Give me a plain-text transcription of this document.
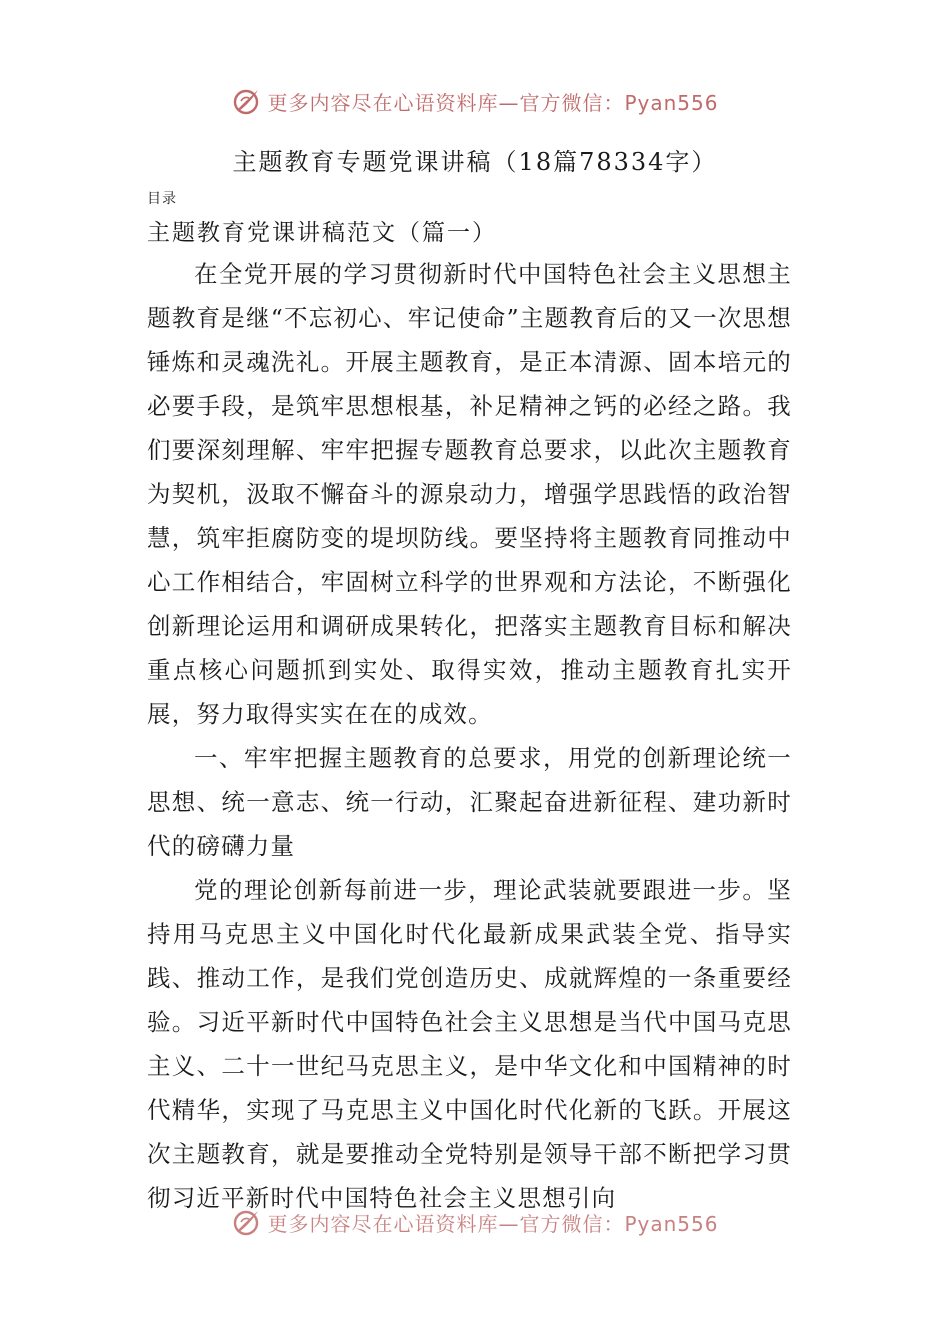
更多内容尽在心语资料库—官方微信：Pyan556
主题教育专题党课讲稿（18篇78334字）
目录
主题教育党课讲稿范文（篇一）

在全党开展的学习贯彻新时代中国特色社会主义思想主题教育是继“不忘初心、牢记使命”主题教育后的又一次思想锤炼和灵魂洗礼。开展主题教育，是正本清源、固本培元的必要手段，是筑牢思想根基，补足精神之钙的必经之路。我们要深刻理解、牢牢把握专题教育总要求，以此次主题教育为契机，汲取不懈奋斗的源泉动力，增强学思践悟的政治智慧，筑牢拒腐防变的堤坝防线。要坚持将主题教育同推动中心工作相结合，牢固树立科学的世界观和方法论，不断强化创新理论运用和调研成果转化，把落实主题教育目标和解决重点核心问题抓到实处、取得实效，推动主题教育扎实开展，努力取得实实在在的成效。

一、牢牢把握主题教育的总要求，用党的创新理论统一思想、统一意志、统一行动，汇聚起奋进新征程、建功新时代的磅礴力量

党的理论创新每前进一步，理论武装就要跟进一步。坚持用马克思主义中国化时代化最新成果武装全党、指导实践、推动工作，是我们党创造历史、成就辉煌的一条重要经验。习近平新时代中国特色社会主义思想是当代中国马克思主义、二十一世纪马克思主义，是中华文化和中国精神的时代精华，实现了马克思主义中国化时代化新的飞跃。开展这次主题教育，就是要推动全党特别是领导干部不断把学习贯彻习近平新时代中国特色社会主义思想引向

更多内容尽在心语资料库—官方微信：Pyan556
